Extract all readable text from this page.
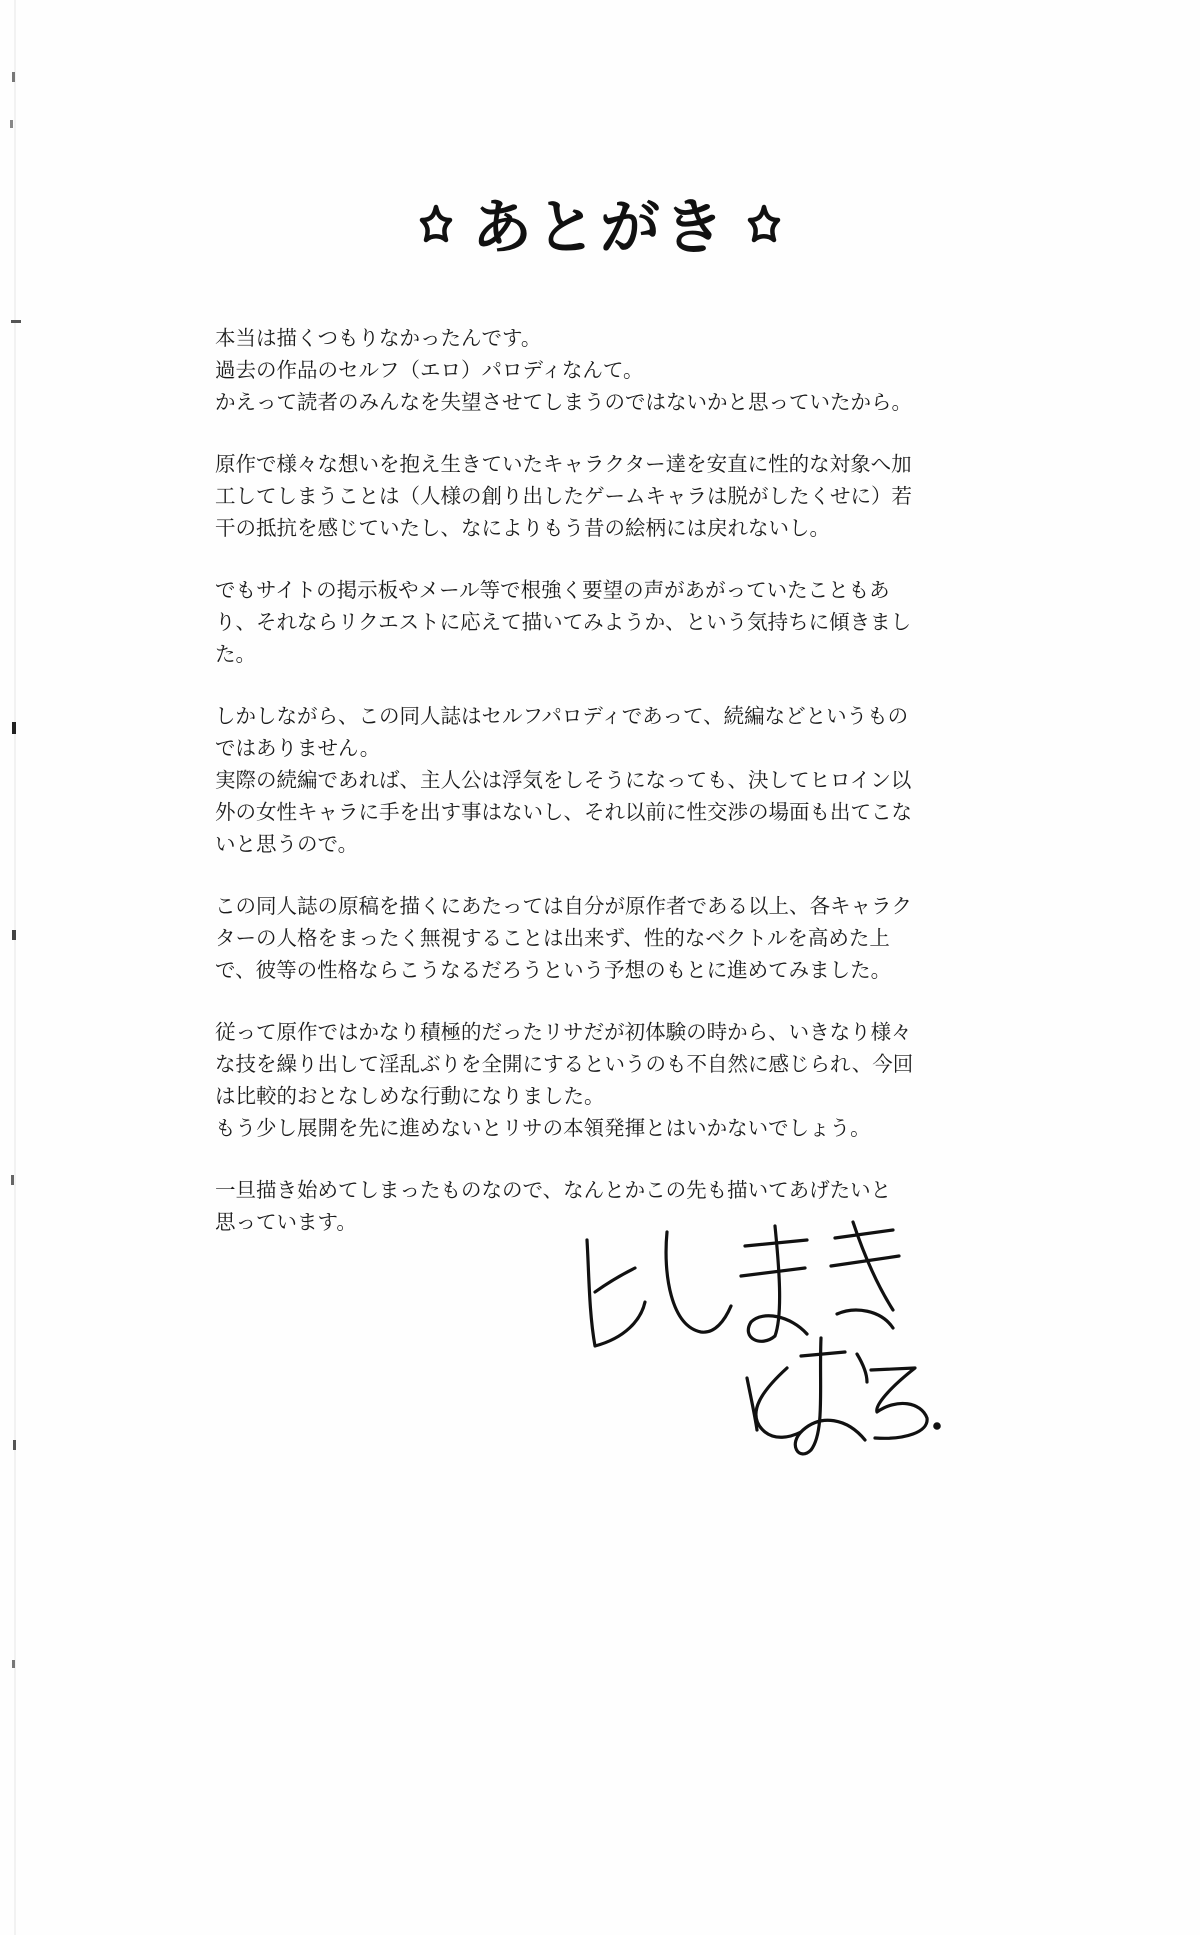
あとがき

本当は描くつもりなかったんです。
過去の作品のセルフ（エロ）パロディなんて。
かえって読者のみんなを失望させてしまうのではないかと思っていたから。

原作で様々な想いを抱え生きていたキャラクター達を安直に性的な対象へ加
工してしまうことは（人様の創り出したゲームキャラは脱がしたくせに）若
干の抵抗を感じていたし、なによりもう昔の絵柄には戻れないし。

でもサイトの掲示板やメール等で根強く要望の声があがっていたこともあ
り、それならリクエストに応えて描いてみようか、という気持ちに傾きまし
た。

しかしながら、この同人誌はセルフパロディであって、続編などというもの
ではありません。
実際の続編であれば、主人公は浮気をしそうになっても、決してヒロイン以
外の女性キャラに手を出す事はないし、それ以前に性交渉の場面も出てこな
いと思うので。

この同人誌の原稿を描くにあたっては自分が原作者である以上、各キャラク
ターの人格をまったく無視することは出来ず、性的なベクトルを高めた上
で、彼等の性格ならこうなるだろうという予想のもとに進めてみました。

従って原作ではかなり積極的だったリサだが初体験の時から、いきなり様々
な技を繰り出して淫乱ぶりを全開にするというのも不自然に感じられ、今回
は比較的おとなしめな行動になりました。
もう少し展開を先に進めないとリサの本領発揮とはいかないでしょう。

一旦描き始めてしまったものなので、なんとかこの先も描いてあげたいと
思っています。
